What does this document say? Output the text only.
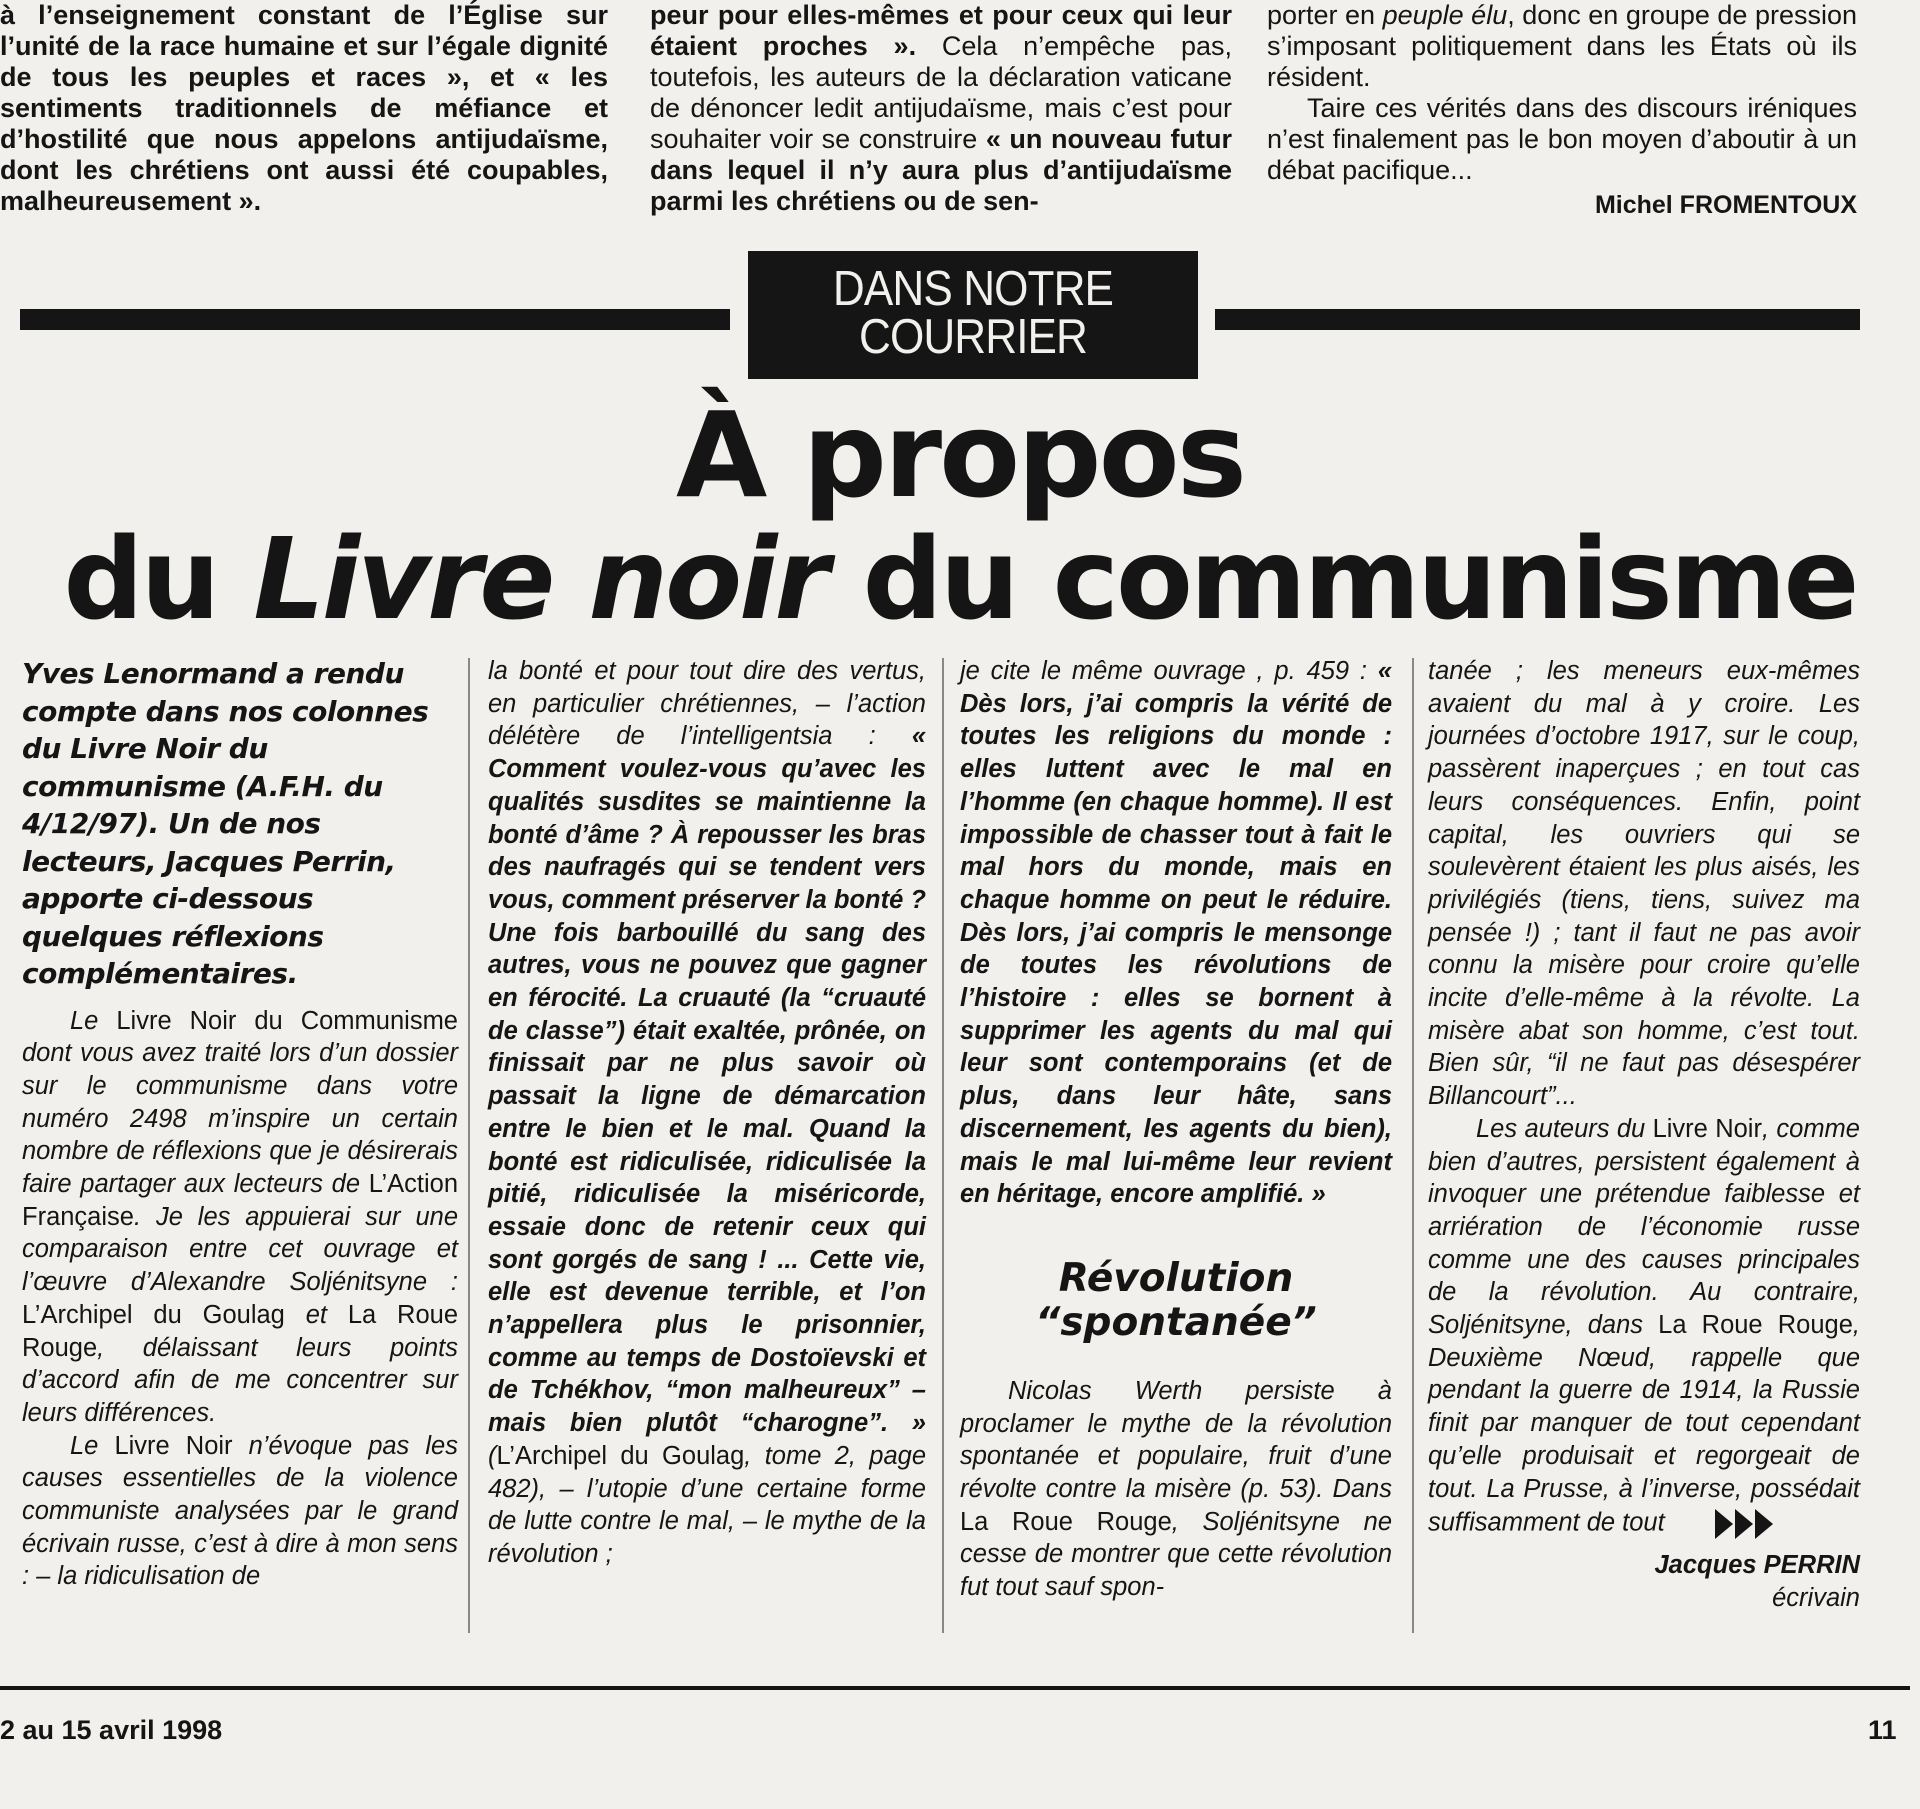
à l’enseignement constant de l’Église sur l’unité de la race humaine et sur l’égale dignité de tous les peuples et races », et « les sentiments traditionnels de méfiance et d’hostilité que nous appelons antijudaïsme, dont les chrétiens ont aussi été coupables, malheureusement ».

peur pour elles-mêmes et pour ceux qui leur étaient proches ». Cela n’empêche pas, toutefois, les auteurs de la déclaration vaticane de dénoncer ledit antijudaïsme, mais c’est pour souhaiter voir se construire « un nouveau futur dans lequel il n’y aura plus d’antijudaïsme parmi les chrétiens ou de sen-

porter en peuple élu, donc en groupe de pression s’imposant politiquement dans les États où ils résident.

Taire ces vérités dans des discours iréniques n’est finalement pas le bon moyen d’aboutir à un débat pacifique...

Michel FROMENTOUX
DANS NOTRE
COURRIER
À propos
du Livre noir du communisme
Yves Lenormand a rendu compte dans nos colonnes du Livre Noir du communisme (A.F.H. du 4/12/97). Un de nos lecteurs, Jacques Perrin, apporte ci-dessous quelques réflexions complémentaires.

Le Livre Noir du Communisme dont vous avez traité lors d’un dossier sur le communisme dans votre numéro 2498 m’inspire un certain nombre de réflexions que je désirerais faire partager aux lecteurs de L’Action Française. Je les appuierai sur une comparaison entre cet ouvrage et l’œuvre d’Alexandre Soljénitsyne : L’Archipel du Goulag et La Roue Rouge, délaissant leurs points d’accord afin de me concentrer sur leurs différences.

Le Livre Noir n’évoque pas les causes essentielles de la violence communiste analysées par le grand écrivain russe, c’est à dire à mon sens : – la ridiculisation de

la bonté et pour tout dire des vertus, en particulier chrétiennes, – l’action délétère de l’intelligentsia : « Comment voulez-vous qu’avec les qualités susdites se maintienne la bonté d’âme ? À repousser les bras des naufragés qui se tendent vers vous, comment préserver la bonté ? Une fois barbouillé du sang des autres, vous ne pouvez que gagner en férocité. La cruauté (la “cruauté de classe”) était exaltée, prônée, on finissait par ne plus savoir où passait la ligne de démarcation entre le bien et le mal. Quand la bonté est ridiculisée, ridiculisée la pitié, ridiculisée la miséricorde, essaie donc de retenir ceux qui sont gorgés de sang ! ... Cette vie, elle est devenue terrible, et l’on n’appellera plus le prisonnier, comme au temps de Dostoïevski et de Tchékhov, “mon malheureux” – mais bien plutôt “charogne”. » (L’Archipel du Goulag, tome 2, page 482), – l’utopie d’une certaine forme de lutte contre le mal, – le mythe de la révolution ;

je cite le même ouvrage , p. 459 : « Dès lors, j’ai compris la vérité de toutes les religions du monde : elles luttent avec le mal en l’homme (en chaque homme). Il est impossible de chasser tout à fait le mal hors du monde, mais en chaque homme on peut le réduire. Dès lors, j’ai compris le mensonge de toutes les révolutions de l’histoire : elles se bornent à supprimer les agents du mal qui leur sont contemporains (et de plus, dans leur hâte, sans discernement, les agents du bien), mais le mal lui-même leur revient en héritage, encore amplifié. »

Révolution
“spontanée”

Nicolas Werth persiste à proclamer le mythe de la révolution spontanée et populaire, fruit d’une révolte contre la misère (p. 53). Dans La Roue Rouge, Soljénitsyne ne cesse de montrer que cette révolution fut tout sauf spon-

tanée ; les meneurs eux-mêmes avaient du mal à y croire. Les journées d’octobre 1917, sur le coup, passèrent inaperçues ; en tout cas leurs conséquences. Enfin, point capital, les ouvriers qui se soulevèrent étaient les plus aisés, les privilégiés (tiens, tiens, suivez ma pensée !) ; tant il faut ne pas avoir connu la misère pour croire qu’elle incite d’elle-même à la révolte. La misère abat son homme, c’est tout. Bien sûr, “il ne faut pas désespérer Billancourt”...

Les auteurs du Livre Noir, comme bien d’autres, persistent également à invoquer une prétendue faiblesse et arriération de l’économie russe comme une des causes principales de la révolution. Au contraire, Soljénitsyne, dans La Roue Rouge, Deuxième Nœud, rappelle que pendant la guerre de 1914, la Russie finit par manquer de tout cependant qu’elle produisait et regorgeait de tout. La Prusse, à l’inverse, possédait suffisamment de tout

Jacques PERRIN
écrivain
2 au 15 avril 1998	11
